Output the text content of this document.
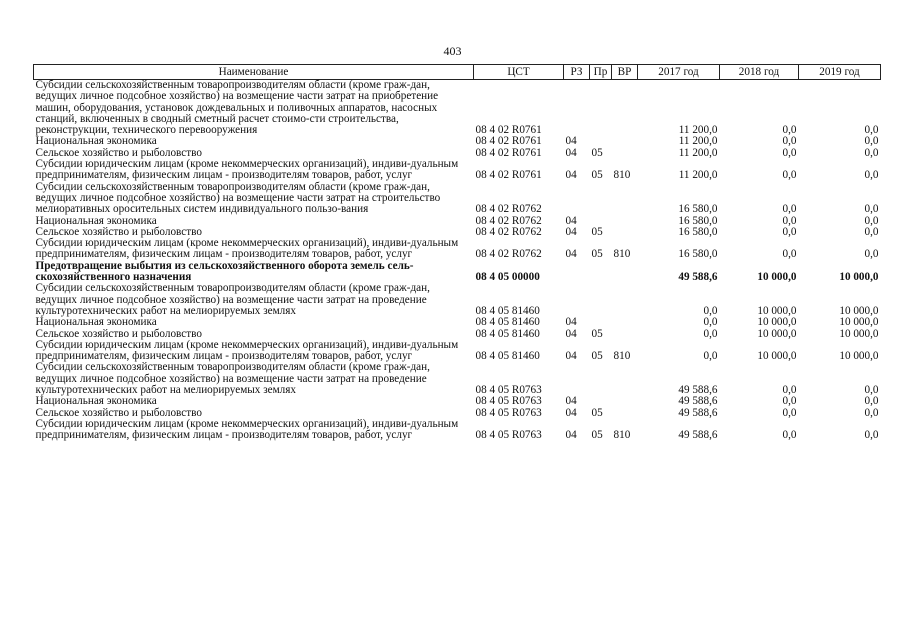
403
Наименование	ЦСТ	РЗ	Пр	ВР	2017 год	2018 год	2019 год
Субсидии сельскохозяйственным товаропроизводителям области (кроме граж-дан, ведущих личное подсобное хозяйство) на возмещение части затрат на приобретение машин, оборудования, установок дождевальных и поливочных аппаратов, насосных станций, включенных в сводный сметный расчет стоимо-сти строительства, реконструкции, технического перевооружения	08 4 02 R0761				11 200,0	0,0	0,0
Национальная экономика	08 4 02 R0761	04			11 200,0	0,0	0,0
Сельское хозяйство и рыболовство	08 4 02 R0761	04	05		11 200,0	0,0	0,0
Субсидии юридическим лицам (кроме некоммерческих организаций), индиви-дуальным предпринимателям, физическим лицам - производителям товаров, работ, услуг	08 4 02 R0761	04	05	810	11 200,0	0,0	0,0
Субсидии сельскохозяйственным товаропроизводителям области (кроме граж-дан, ведущих личное подсобное хозяйство) на возмещение части затрат на строительство мелиоративных оросительных систем индивидуального пользо-вания	08 4 02 R0762				16 580,0	0,0	0,0
Национальная экономика	08 4 02 R0762	04			16 580,0	0,0	0,0
Сельское хозяйство и рыболовство	08 4 02 R0762	04	05		16 580,0	0,0	0,0
Субсидии юридическим лицам (кроме некоммерческих организаций), индиви-дуальным предпринимателям, физическим лицам - производителям товаров, работ, услуг	08 4 02 R0762	04	05	810	16 580,0	0,0	0,0
Предотвращение выбытия из сельскохозяйственного оборота земель сель-скохозяйственного назначения	08 4 05 00000				49 588,6	10 000,0	10 000,0
Субсидии сельскохозяйственным товаропроизводителям области (кроме граж-дан, ведущих личное подсобное хозяйство) на возмещение части затрат на проведение культуротехнических работ на мелиорируемых землях	08 4 05 81460				0,0	10 000,0	10 000,0
Национальная экономика	08 4 05 81460	04			0,0	10 000,0	10 000,0
Сельское хозяйство и рыболовство	08 4 05 81460	04	05		0,0	10 000,0	10 000,0
Субсидии юридическим лицам (кроме некоммерческих организаций), индиви-дуальным предпринимателям, физическим лицам - производителям товаров, работ, услуг	08 4 05 81460	04	05	810	0,0	10 000,0	10 000,0
Субсидии сельскохозяйственным товаропроизводителям области (кроме граж-дан, ведущих личное подсобное хозяйство) на возмещение части затрат на проведение культуротехнических работ на мелиорируемых землях	08 4 05 R0763				49 588,6	0,0	0,0
Национальная экономика	08 4 05 R0763	04			49 588,6	0,0	0,0
Сельское хозяйство и рыболовство	08 4 05 R0763	04	05		49 588,6	0,0	0,0
Субсидии юридическим лицам (кроме некоммерческих организаций), индиви-дуальным предпринимателям, физическим лицам - производителям товаров, работ, услуг	08 4 05 R0763	04	05	810	49 588,6	0,0	0,0
